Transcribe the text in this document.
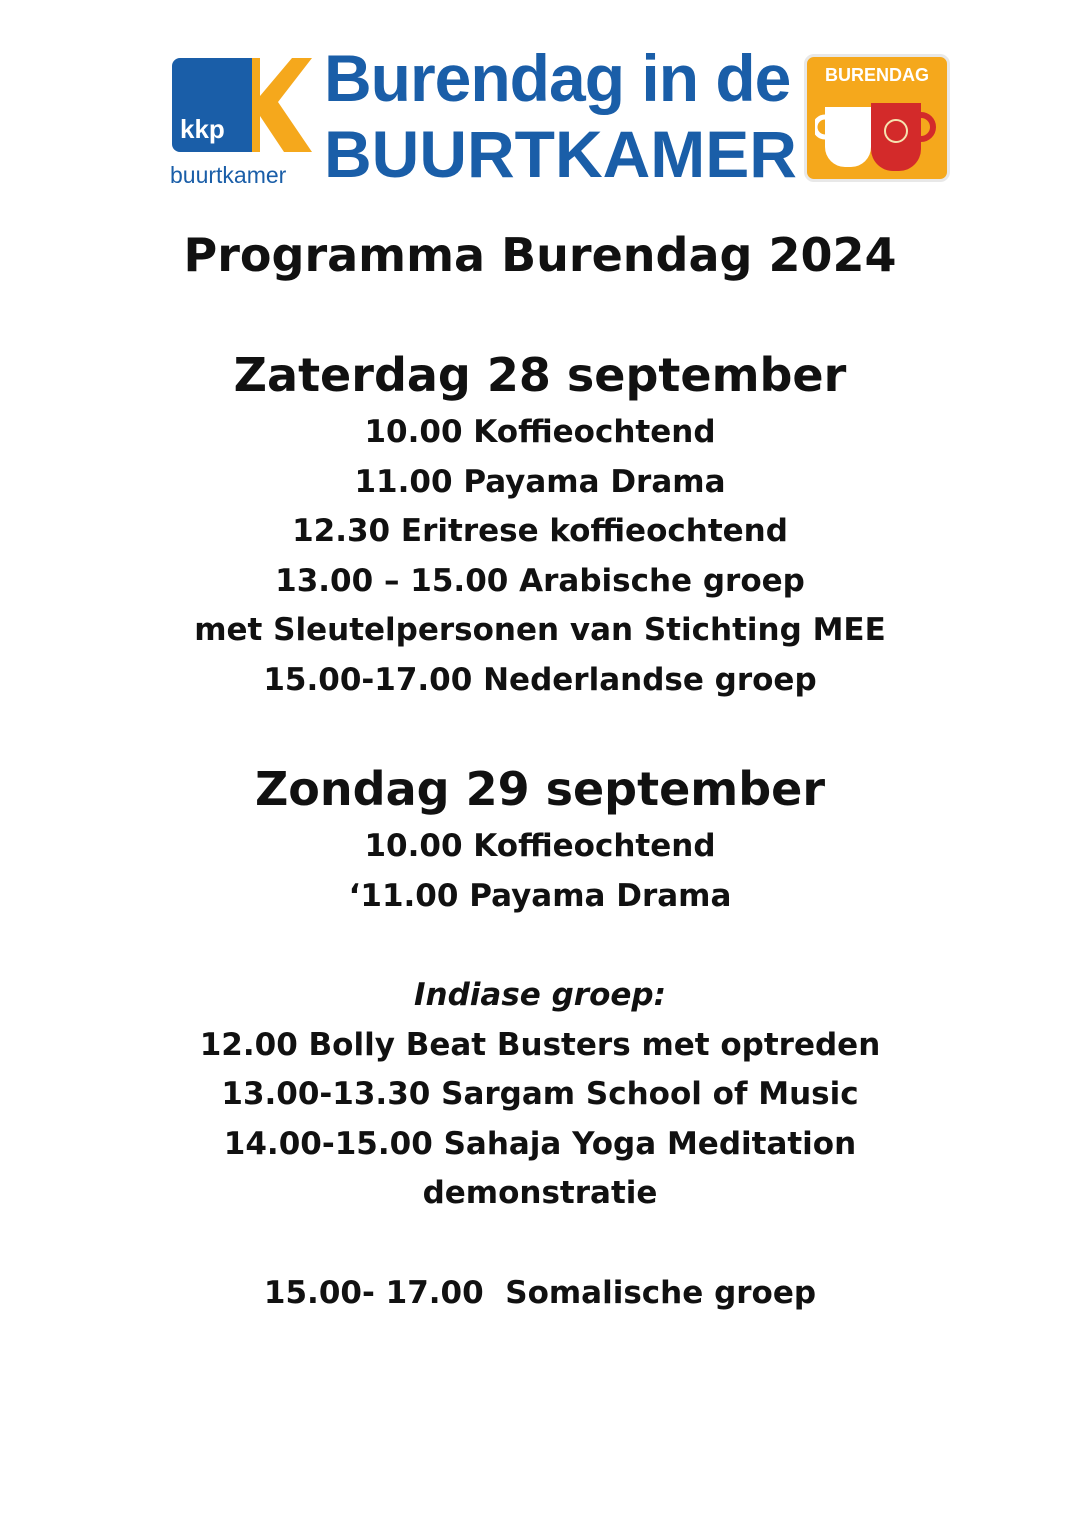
kkp
buurtkamer
Burendag in de
BUURTKAMER
BURENDAG
Programma Burendag 2024
Zaterdag 28 september

10.00 Koffieochtend

11.00 Payama Drama

12.30 Eritrese koffieochtend

13.00 – 15.00 Arabische groep

met Sleutelpersonen van Stichting MEE

15.00-17.00 Nederlandse groep

Zondag 29 september

10.00 Koffieochtend

‘11.00 Payama Drama

Indiase groep:

12.00 Bolly Beat Busters met optreden

13.00-13.30 Sargam School of Music

14.00-15.00 Sahaja Yoga Meditation

demonstratie

15.00- 17.00  Somalische groep
